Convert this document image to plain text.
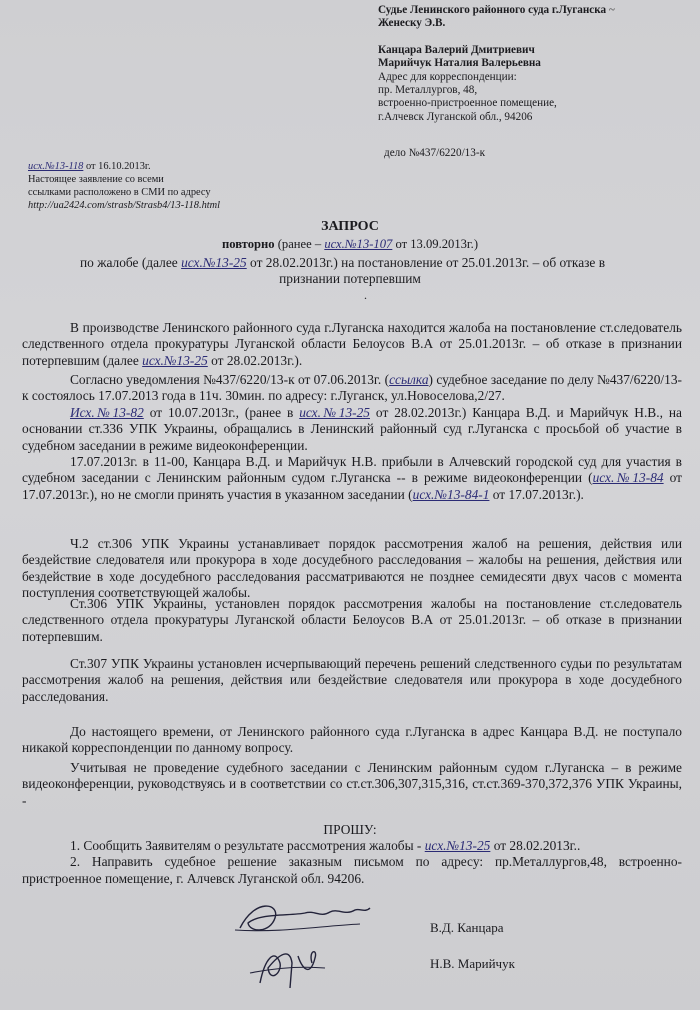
Судье Ленинского районного суда г.Луганска ~
Женеску Э.В.
Канцара Валерий Дмитриевич
Марийчук Наталия Валерьевна
Адрес для корреспонденции:
пр. Металлургов, 48,
встроенно-пристроенное помещение,
г.Алчевск Луганской обл., 94206
дело №437/6220/13-к
исх.№13-118 от 16.10.2013г.
Настоящее заявление со всеми
ссылками расположено в СМИ по адресу
http://ua2424.com/strasb/Strasb4/13-118.html
ЗАПРОС
повторно (ранее – исх.№13-107 от 13.09.2013г.)
по жалобе (далее исх.№13-25 от 28.02.2013г.) на постановление от 25.01.2013г. – об отказе в
признании потерпевшим
.

В производстве Ленинского районного суда г.Луганска находится жалоба на постановление ст.следователь следственного отдела прокуратуры Луганской области Белоусов В.А от 25.01.2013г. – об отказе в признании потерпевшим (далее исх.№13-25 от 28.02.2013г.).

Согласно уведомления №437/6220/13-к от 07.06.2013г. (ссылка) судебное заседание по делу №437/6220/13-к состоялось 17.07.2013 года в 11ч. 30мин. по адресу: г.Луганск, ул.Новоселова,2/27.

Исх.№13-82 от 10.07.2013г., (ранее в исх.№13-25 от 28.02.2013г.) Канцара В.Д. и Марийчук Н.В., на основании ст.336 УПК Украины, обращались в Ленинский районный суд г.Луганска с просьбой об участие в судебном заседании в режиме видеоконференции.

17.07.2013г. в 11-00, Канцара В.Д. и Марийчук Н.В. прибыли в Алчевский городской суд для участия в судебном заседании с Ленинским районным судом г.Луганска -- в режиме видеоконференции (исх.№13-84 от 17.07.2013г.), но не смогли принять участия в указанном заседании (исх.№13-84-1 от 17.07.2013г.).

Ч.2 ст.306 УПК Украины устанавливает порядок рассмотрения жалоб на решения, действия или бездействие следователя или прокурора в ходе досудебного расследования – жалобы на решения, действия или бездействие в ходе досудебного расследования рассматриваются не позднее семидесяти двух часов с момента поступления соответствующей жалобы.

Ст.306 УПК Украины, установлен порядок рассмотрения жалобы на постановление ст.следователь следственного отдела прокуратуры Луганской области Белоусов В.А от 25.01.2013г. – об отказе в признании потерпевшим.

Ст.307 УПК Украины установлен исчерпывающий перечень решений следственного судьи по результатам рассмотрения жалоб на решения, действия или бездействие следователя или прокурора в ходе досудебного расследования.

До настоящего времени, от Ленинского районного суда г.Луганска в адрес Канцара В.Д. не поступало никакой корреспонденции по данному вопросу.

Учитывая не проведение судебного заседании с Ленинским районным судом г.Луганска – в режиме видеоконференции, руководствуясь и в соответствии со ст.ст.306,307,315,316, ст.ст.369-370,372,376 УПК Украины, -

ПРОШУ:

1. Сообщить Заявителям о результате рассмотрения жалобы - исх.№13-25 от 28.02.2013г..

2. Направить судебное решение заказным письмом по адресу: пр.Металлургов,48, встроенно-пристроенное помещение, г. Алчевск Луганской обл. 94206.

В.Д. Канцара
Н.В. Марийчук
